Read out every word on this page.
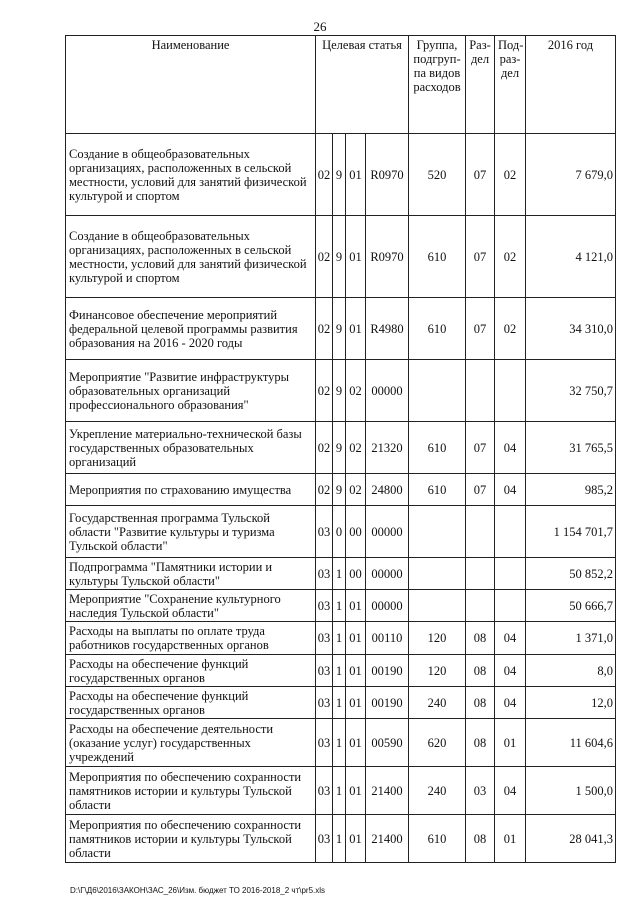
26
Наименование	Целевая статья				Группа, подгруп-па видов расходов	Раз-дел	Под-раз-дел	2016 год
Создание в общеобразовательных организациях, расположенных в сельской местности, условий для занятий физической культурой и спортом	02	9	01	R0970	520	07	02	7 679,0
Создание в общеобразовательных организациях, расположенных в сельской местности, условий для занятий физической культурой и спортом	02	9	01	R0970	610	07	02	4 121,0
Финансовое обеспечение мероприятий федеральной целевой программы развития образования на 2016 - 2020 годы	02	9	01	R4980	610	07	02	34 310,0
Мероприятие "Развитие инфраструктуры образовательных организаций профессионального образования"	02	9	02	00000				32 750,7
Укрепление материально-технической базы государственных образовательных организаций	02	9	02	21320	610	07	04	31 765,5
Мероприятия по страхованию имущества	02	9	02	24800	610	07	04	985,2
Государственная программа Тульской области "Развитие культуры и туризма Тульской области"	03	0	00	00000				1 154 701,7
Подпрограмма "Памятники истории и культуры Тульской области"	03	1	00	00000				50 852,2
Мероприятие "Сохранение культурного наследия Тульской области"	03	1	01	00000				50 666,7
Расходы на выплаты по оплате труда работников государственных органов	03	1	01	00110	120	08	04	1 371,0
Расходы на обеспечение функций государственных органов	03	1	01	00190	120	08	04	8,0
Расходы на обеспечение функций государственных органов	03	1	01	00190	240	08	04	12,0
Расходы на обеспечение деятельности (оказание услуг) государственных учреждений	03	1	01	00590	620	08	01	11 604,6
Мероприятия по обеспечению сохранности памятников истории и культуры Тульской области	03	1	01	21400	240	03	04	1 500,0
Мероприятия по обеспечению сохранности памятников истории и культуры Тульской области	03	1	01	21400	610	08	01	28 041,3
D:\Г\Д6\2016\ЗАКОН\ЗАС_26\Изм. бюджет ТО 2016-2018_2 чт\pr5.xls
